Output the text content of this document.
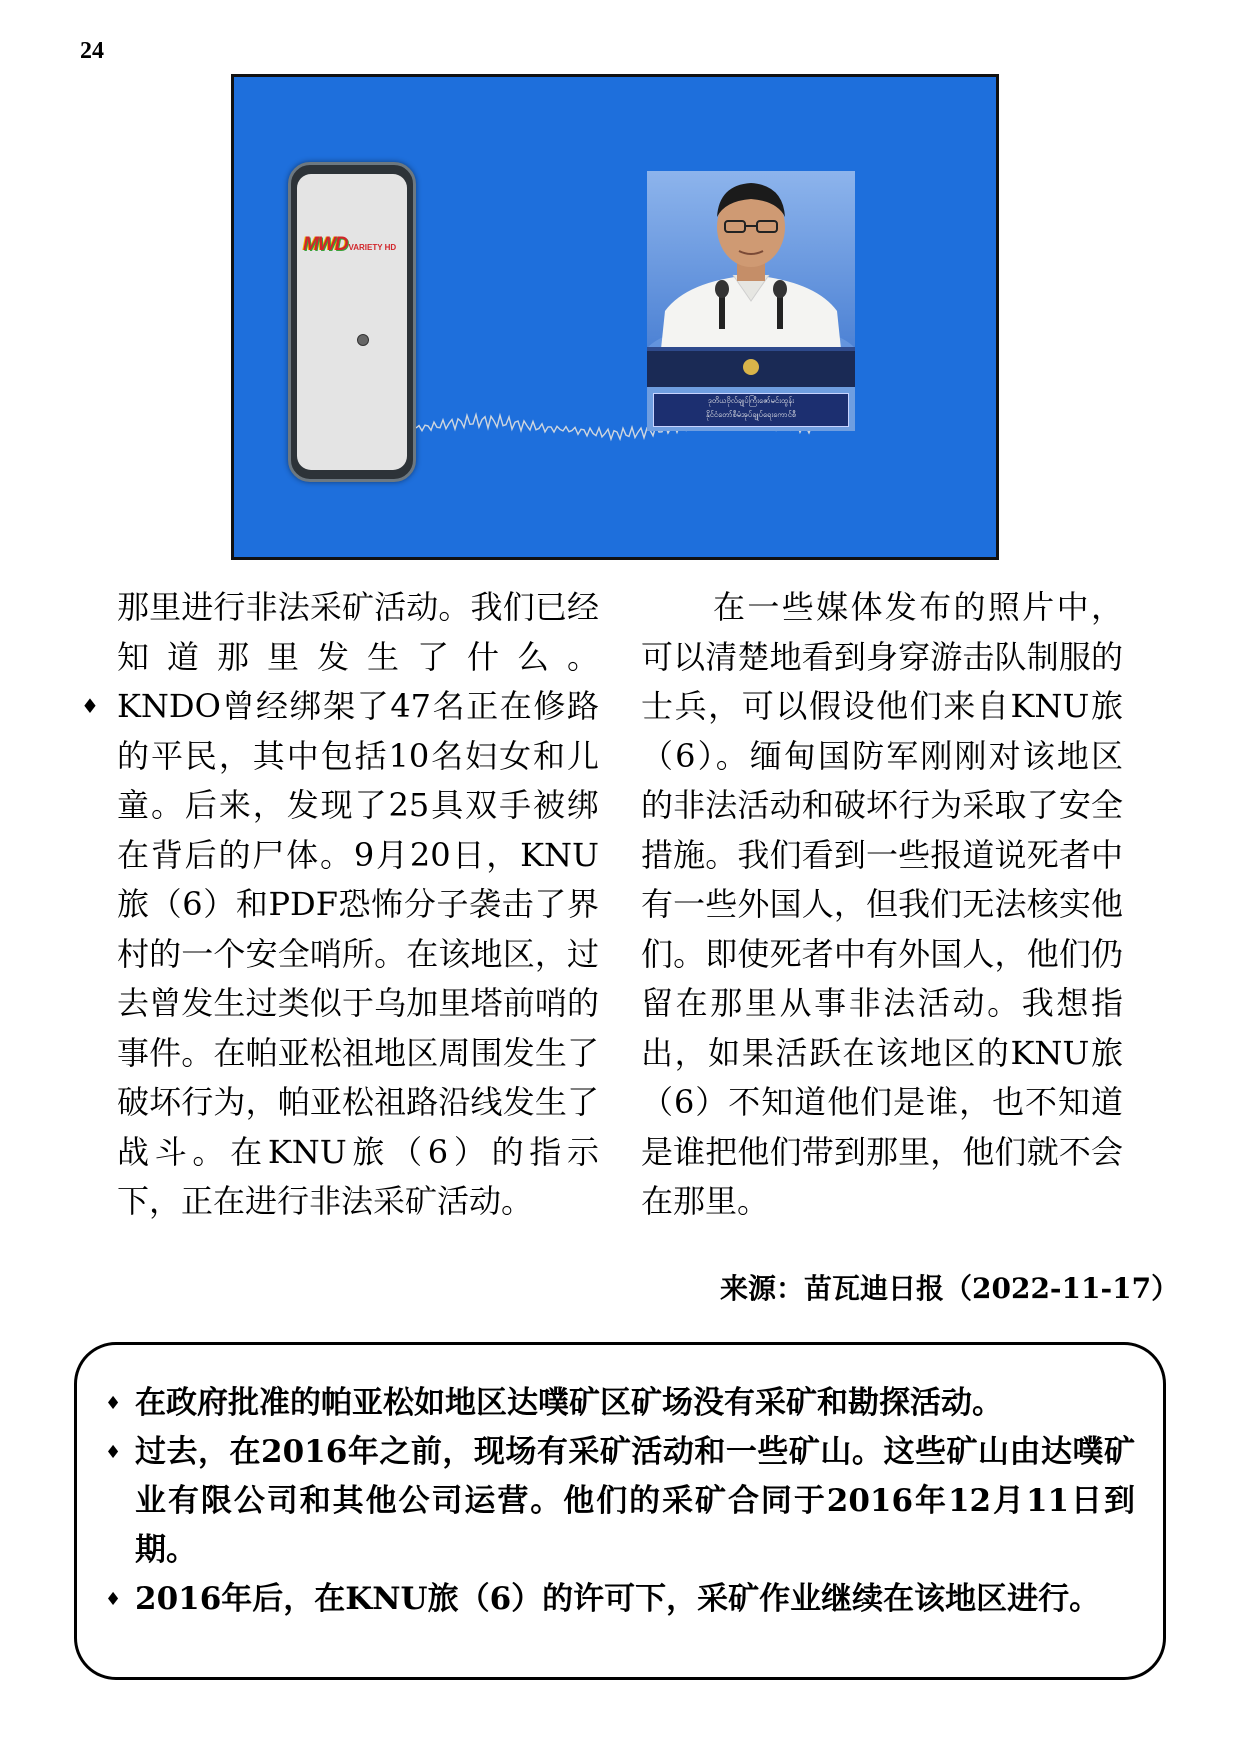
24
MWDVARIETY HD
ဒုတိယဗိုလ်ချုပ်ကြီးဇော်မင်းထွန်း
နိုင်ငံတော်စီမံအုပ်ချုပ်ရေးကောင်စီ
那里进行非法采矿活动。我们已经知道那里发生了什么。
♦ KNDO曾经绑架了47名正在修路的平民，其中包括10名妇女和儿童。后来，发现了25具双手被绑在背后的尸体。9月20日，KNU旅（6）和PDF恐怖分子袭击了界村的一个安全哨所。在该地区，过去曾发生过类似于乌加里塔前哨的事件。在帕亚松祖地区周围发生了破坏行为，帕亚松祖路沿线发生了战斗。在KNU旅（6）的指示下，正在进行非法采矿活动。
在一些媒体发布的照片中，可以清楚地看到身穿游击队制服的士兵，可以假设他们来自KNU旅（6）。缅甸国防军刚刚对该地区的非法活动和破坏行为采取了安全措施。我们看到一些报道说死者中有一些外国人，但我们无法核实他们。即使死者中有外国人，他们仍留在那里从事非法活动。我想指出，如果活跃在该地区的KNU旅（6）不知道他们是谁，也不知道是谁把他们带到那里，他们就不会在那里。
来源：苗瓦迪日报（2022-11-17）
♦ 在政府批准的帕亚松如地区达噗矿区矿场没有采矿和勘探活动。
♦ 过去，在2016年之前，现场有采矿活动和一些矿山。这些矿山由达噗矿业有限公司和其他公司运营。他们的采矿合同于2016年12月11日到期。
♦ 2016年后，在KNU旅（6）的许可下，采矿作业继续在该地区进行。
